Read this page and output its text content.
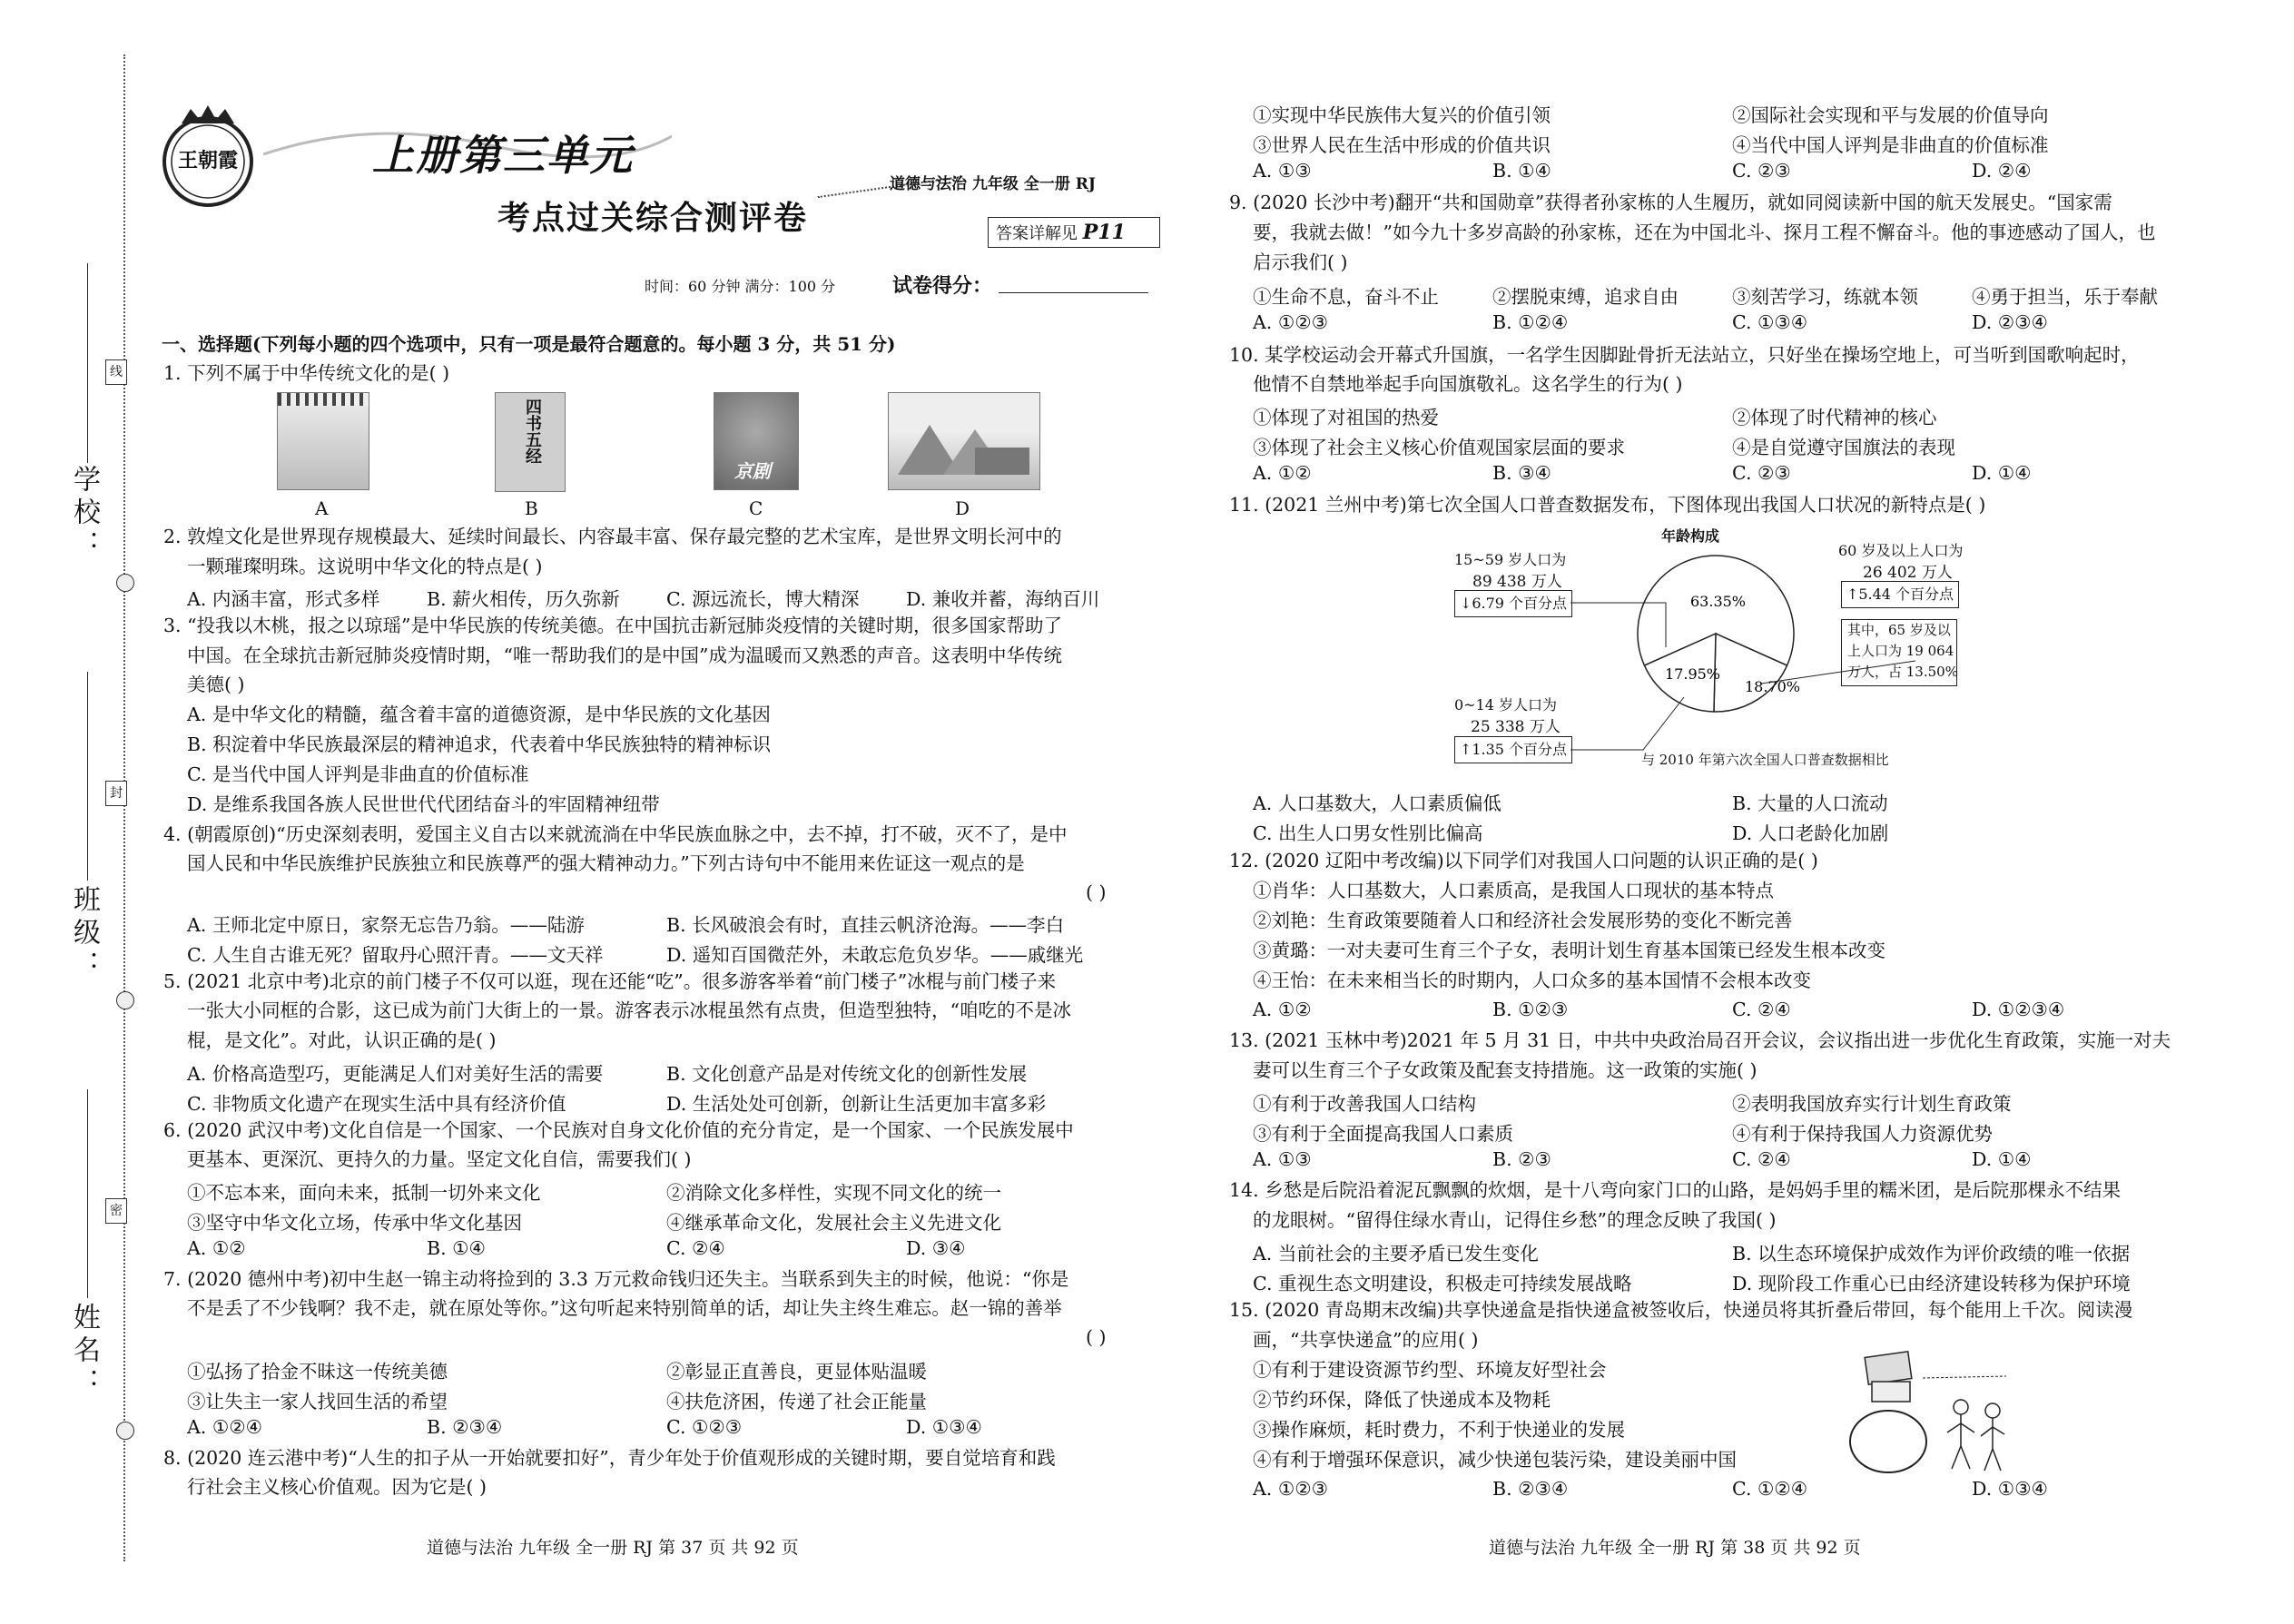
线
封
密
学校：
班级：
姓名：
王朝霞	上册第三单元
考点过关综合测评卷
道德与法治 九年级 全一册 RJ
答案详解见 P11
时间：60 分钟 满分：100 分	试卷得分：
一、选择题(下列每小题的四个选项中，只有一项是最符合题意的。每小题 3 分，共 51 分)
1. 下列不属于中华传统文化的是( )
四书五经
京剧
A	B	C	D
2. 敦煌文化是世界现存规模最大、延续时间最长、内容最丰富、保存最完整的艺术宝库，是世界文明长河中的
一颗璀璨明珠。这说明中华文化的特点是( )
A. 内涵丰富，形式多样	B. 薪火相传，历久弥新	C. 源远流长，博大精深	D. 兼收并蓄，海纳百川
3. “投我以木桃，报之以琼瑶”是中华民族的传统美德。在中国抗击新冠肺炎疫情的关键时期，很多国家帮助了
中国。在全球抗击新冠肺炎疫情时期，“唯一帮助我们的是中国”成为温暖而又熟悉的声音。这表明中华传统
美德( )
A. 是中华文化的精髓，蕴含着丰富的道德资源，是中华民族的文化基因
B. 积淀着中华民族最深层的精神追求，代表着中华民族独特的精神标识
C. 是当代中国人评判是非曲直的价值标准
D. 是维系我国各族人民世世代代团结奋斗的牢固精神纽带
4. (朝霞原创)“历史深刻表明，爱国主义自古以来就流淌在中华民族血脉之中，去不掉，打不破，灭不了，是中
国人民和中华民族维护民族独立和民族尊严的强大精神动力。”下列古诗句中不能用来佐证这一观点的是
( )
A. 王师北定中原日，家祭无忘告乃翁。——陆游	B. 长风破浪会有时，直挂云帆济沧海。——李白
C. 人生自古谁无死？留取丹心照汗青。——文天祥	D. 遥知百国微茫外，未敢忘危负岁华。——戚继光
5. (2021 北京中考)北京的前门楼子不仅可以逛，现在还能“吃”。很多游客举着“前门楼子”冰棍与前门楼子来
一张大小同框的合影，这已成为前门大街上的一景。游客表示冰棍虽然有点贵，但造型独特，“咱吃的不是冰
棍，是文化”。对此，认识正确的是( )
A. 价格高造型巧，更能满足人们对美好生活的需要	B. 文化创意产品是对传统文化的创新性发展
C. 非物质文化遗产在现实生活中具有经济价值	D. 生活处处可创新，创新让生活更加丰富多彩
6. (2020 武汉中考)文化自信是一个国家、一个民族对自身文化价值的充分肯定，是一个国家、一个民族发展中
更基本、更深沉、更持久的力量。坚定文化自信，需要我们( )
①不忘本来，面向未来，抵制一切外来文化	②消除文化多样性，实现不同文化的统一
③坚守中华文化立场，传承中华文化基因	④继承革命文化，发展社会主义先进文化
A. ①②	B. ①④	C. ②④	D. ③④
7. (2020 德州中考)初中生赵一锦主动将捡到的 3.3 万元救命钱归还失主。当联系到失主的时候，他说：“你是
不是丢了不少钱啊？我不走，就在原处等你。”这句听起来特别简单的话，却让失主终生难忘。赵一锦的善举
( )
①弘扬了拾金不昧这一传统美德	②彰显正直善良，更显体贴温暖
③让失主一家人找回生活的希望	④扶危济困，传递了社会正能量
A. ①②④	B. ②③④	C. ①②③	D. ①③④
8. (2020 连云港中考)“人生的扣子从一开始就要扣好”，青少年处于价值观形成的关键时期，要自觉培育和践
行社会主义核心价值观。因为它是( )
道德与法治 九年级 全一册 RJ 第 37 页 共 92 页
①实现中华民族伟大复兴的价值引领	②国际社会实现和平与发展的价值导向
③世界人民在生活中形成的价值共识	④当代中国人评判是非曲直的价值标准
A. ①③	B. ①④	C. ②③	D. ②④
9. (2020 长沙中考)翻开“共和国勋章”获得者孙家栋的人生履历，就如同阅读新中国的航天发展史。“国家需
要，我就去做！”如今九十多岁高龄的孙家栋，还在为中国北斗、探月工程不懈奋斗。他的事迹感动了国人，也
启示我们( )
①生命不息，奋斗不止	②摆脱束缚，追求自由	③刻苦学习，练就本领	④勇于担当，乐于奉献
A. ①②③	B. ①②④	C. ①③④	D. ②③④
10. 某学校运动会开幕式升国旗，一名学生因脚趾骨折无法站立，只好坐在操场空地上，可当听到国歌响起时，
他情不自禁地举起手向国旗敬礼。这名学生的行为( )
①体现了对祖国的热爱	②体现了时代精神的核心
③体现了社会主义核心价值观国家层面的要求	④是自觉遵守国旗法的表现
A. ①②	B. ③④	C. ②③	D. ①④
11. (2021 兰州中考)第七次全国人口普查数据发布，下图体现出我国人口状况的新特点是( )
年龄构成
63.35%
18.70%
17.95%
15~59 岁人口为
89 438 万人
↓6.79 个百分点
60 岁及以上人口为
26 402 万人
↑5.44 个百分点
其中，65 岁及以
上人口为 19 064
万人，占 13.50%
0~14 岁人口为
25 338 万人
↑1.35 个百分点
与 2010 年第六次全国人口普查数据相比
A. 人口基数大，人口素质偏低	B. 大量的人口流动
C. 出生人口男女性别比偏高	D. 人口老龄化加剧
12. (2020 辽阳中考改编)以下同学们对我国人口问题的认识正确的是( )
①肖华：人口基数大，人口素质高，是我国人口现状的基本特点
②刘艳：生育政策要随着人口和经济社会发展形势的变化不断完善
③黄璐：一对夫妻可生育三个子女，表明计划生育基本国策已经发生根本改变
④王怡：在未来相当长的时期内，人口众多的基本国情不会根本改变
A. ①②	B. ①②③	C. ②④	D. ①②③④
13. (2021 玉林中考)2021 年 5 月 31 日，中共中央政治局召开会议，会议指出进一步优化生育政策，实施一对夫
妻可以生育三个子女政策及配套支持措施。这一政策的实施( )
①有利于改善我国人口结构	②表明我国放弃实行计划生育政策
③有利于全面提高我国人口素质	④有利于保持我国人力资源优势
A. ①③	B. ②③	C. ②④	D. ①④
14. 乡愁是后院沿着泥瓦飘飘的炊烟，是十八弯向家门口的山路，是妈妈手里的糯米团，是后院那棵永不结果
的龙眼树。“留得住绿水青山，记得住乡愁”的理念反映了我国( )
A. 当前社会的主要矛盾已发生变化	B. 以生态环境保护成效作为评价政绩的唯一依据
C. 重视生态文明建设，积极走可持续发展战略	D. 现阶段工作重心已由经济建设转移为保护环境
15. (2020 青岛期末改编)共享快递盒是指快递盒被签收后，快递员将其折叠后带回，每个能用上千次。阅读漫
画，“共享快递盒”的应用( )
①有利于建设资源节约型、环境友好型社会
②节约环保，降低了快递成本及物耗
③操作麻烦，耗时费力，不利于快递业的发展
④有利于增强环保意识，减少快递包装污染，建设美丽中国
A. ①②③	B. ②③④	C. ①②④	D. ①③④
道德与法治 九年级 全一册 RJ 第 38 页 共 92 页
